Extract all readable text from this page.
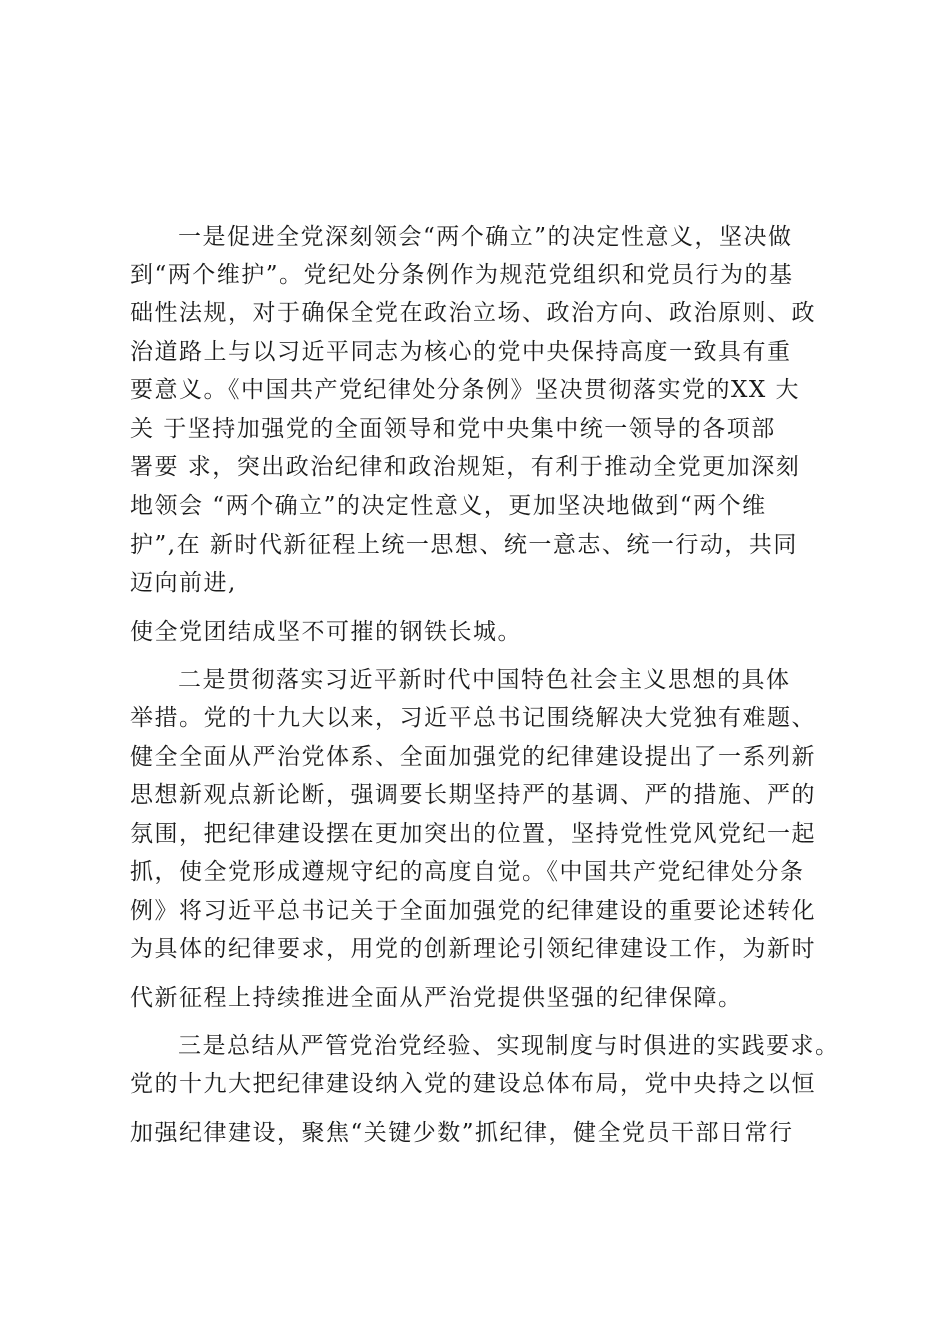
一是促进全党深刻领会“两个确立”的决定性意义，坚决做
到“两个维护”。党纪处分条例作为规范党组织和党员行为的基
础性法规，对于确保全党在政治立场、政治方向、政治原则、政
治道路上与以习近平同志为核心的党中央保持高度一致具有重
要意义。《中国共产党纪律处分条例》坚决贯彻落实党的XX 大
关 于坚持加强党的全面领导和党中央集中统一领导的各项部
署要 求，突出政治纪律和政治规矩，有利于推动全党更加深刻
地领会 “两个确立”的决定性意义，更加坚决地做到“两个维
护”,在 新时代新征程上统一思想、统一意志、统一行动，共同
迈向前进,
使全党团结成坚不可摧的钢铁长城。
二是贯彻落实习近平新时代中国特色社会主义思想的具体
举措。党的十九大以来，习近平总书记围绕解决大党独有难题、
健全全面从严治党体系、全面加强党的纪律建设提出了一系列新
思想新观点新论断，强调要长期坚持严的基调、严的措施、严的
氛围，把纪律建设摆在更加突出的位置，坚持党性党风党纪一起
抓，使全党形成遵规守纪的高度自觉。《中国共产党纪律处分条
例》将习近平总书记关于全面加强党的纪律建设的重要论述转化
为具体的纪律要求，用党的创新理论引领纪律建设工作，为新时
代新征程上持续推进全面从严治党提供坚强的纪律保障。
三是总结从严管党治党经验、实现制度与时俱进的实践要求。
党的十九大把纪律建设纳入党的建设总体布局，党中央持之以恒
加强纪律建设，聚焦“关键少数”抓纪律，健全党员干部日常行
